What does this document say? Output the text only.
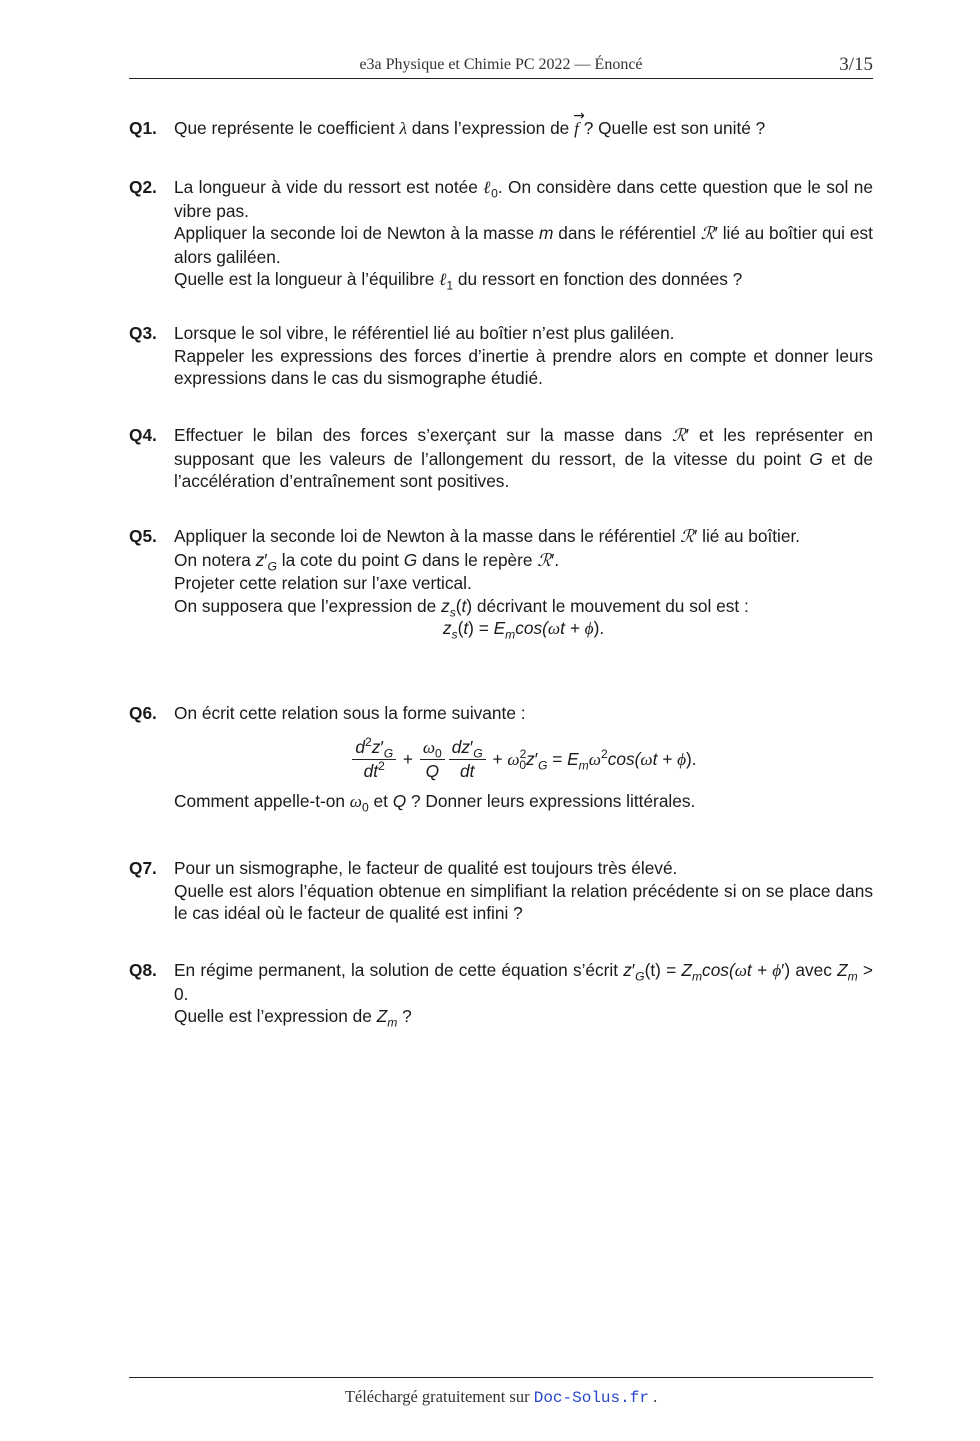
e3a Physique et Chimie PC 2022 — Énoncé	3/15
Q1. Que représente le coefficient λ dans l’expression de → f ? Quelle est son unité ?

Q2. La longueur à vide du ressort est notée ℓ$_0$. On considère dans cette question que le sol ne vibre pas.

Appliquer la seconde loi de Newton à la masse m dans le référentiel ℛ′ lié au boîtier qui est alors galiléen.

Quelle est la longueur à l’équilibre ℓ$_1$ du ressort en fonction des données ?

Q3. Lorsque le sol vibre, le référentiel lié au boîtier n’est plus galiléen.

Rappeler les expressions des forces d’inertie à prendre alors en compte et donner leurs expressions dans le cas du sismographe étudié.

Q4. Effectuer le bilan des forces s’exerçant sur la masse dans ℛ′ et les représenter en supposant que les valeurs de l’allongement du ressort, de la vitesse du point G et de l’accélération d’entraînement sont positives.

Q5. Appliquer la seconde loi de Newton à la masse dans le référentiel ℛ′ lié au boîtier.

On notera $z'_G$ la cote du point G dans le repère ℛ′.

Projeter cette relation sur l’axe vertical.

On supposera que l’expression de $z_s(t)$ décrivant le mouvement du sol est :

$z_s(t) = E_m\cos(\omega t + \phi)$.

Q6. On écrit cette relation sous la forme suivante :

$\frac{d^2z'_G}{dt^2} + \frac{\omega_0}{Q} \frac{dz'_G}{dt} + \omega^2_0z'_G = E_m\omega^2\cos(\omega t + \phi)$.

Comment appelle-t-on $\omega_0$ et Q ? Donner leurs expressions littérales.

Q7. Pour un sismographe, le facteur de qualité est toujours très élevé.

Quelle est alors l’équation obtenue en simplifiant la relation précédente si on se place dans le cas idéal où le facteur de qualité est infini ?

Q8. En régime permanent, la solution de cette équation s’écrit $z'_G(t) = Z_m\cos(\omega t + \phi')$ avec $Z_m > 0$.

Quelle est l’expression de $Z_m$ ?

Téléchargé gratuitement sur Doc-Solus.fr .
